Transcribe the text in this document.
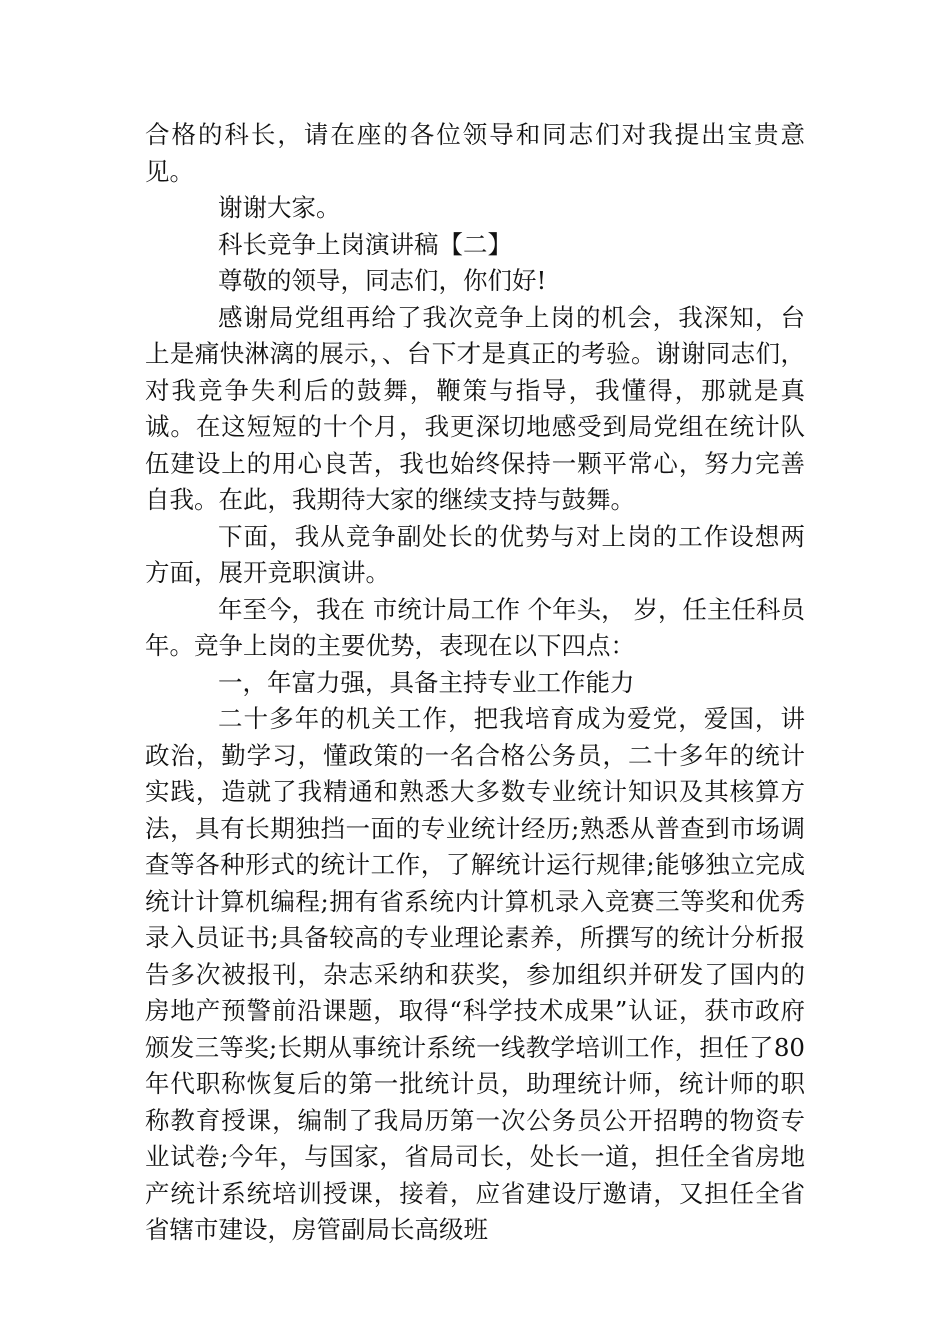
合格的科长，请在座的各位领导和同志们对我提出宝贵意见。

谢谢大家。

科长竞争上岗演讲稿【二】

尊敬的领导，同志们，你们好!

感谢局党组再给了我次竞争上岗的机会，我深知，台上是痛快淋漓的展示，、台下才是真正的考验。谢谢同志们，对我竞争失利后的鼓舞，鞭策与指导，我懂得，那就是真诚。在这短短的十个月，我更深切地感受到局党组在统计队伍建设上的用心良苦，我也始终保持一颗平常心，努力完善自我。在此，我期待大家的继续支持与鼓舞。

下面，我从竞争副处长的优势与对上岗的工作设想两方面，展开竞职演讲。

年至今，我在 市统计局工作 个年头， 岁，任主任科员年。竞争上岗的主要优势，表现在以下四点：

一，年富力强，具备主持专业工作能力

二十多年的机关工作，把我培育成为爱党，爱国，讲政治，勤学习，懂政策的一名合格公务员，二十多年的统计实践，造就了我精通和熟悉大多数专业统计知识及其核算方法，具有长期独挡一面的专业统计经历;熟悉从普查到市场调查等各种形式的统计工作，了解统计运行规律;能够独立完成统计计算机编程;拥有省系统内计算机录入竞赛三等奖和优秀录入员证书;具备较高的专业理论素养，所撰写的统计分析报告多次被报刊，杂志采纳和获奖，参加组织并研发了国内的房地产预警前沿课题，取得“科学技术成果”认证，获市政府颁发三等奖;长期从事统计系统一线教学培训工作，担任了80年代职称恢复后的第一批统计员，助理统计师，统计师的职称教育授课，编制了我局历第一次公务员公开招聘的物资专业试卷;今年，与国家，省局司长，处长一道，担任全省房地产统计系统培训授课，接着，应省建设厅邀请，又担任全省省辖市建设，房管副局长高级班
